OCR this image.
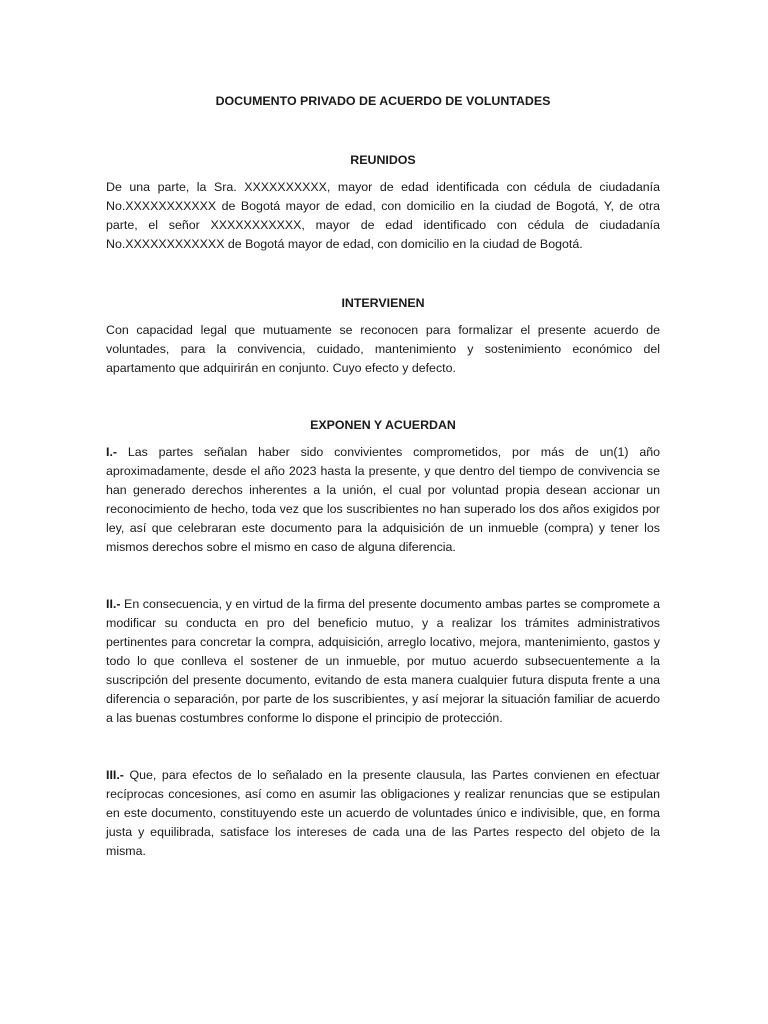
DOCUMENTO PRIVADO DE ACUERDO DE VOLUNTADES

REUNIDOS

De una parte, la Sra. XXXXXXXXXX, mayor de edad identificada con cédula de ciudadanía No.XXXXXXXXXXX de Bogotá mayor de edad, con domicilio en la ciudad de Bogotá, Y, de otra parte, el señor XXXXXXXXXXX, mayor de edad identificado con cédula de ciudadanía No.XXXXXXXXXXXX de Bogotá mayor de edad, con domicilio en la ciudad de Bogotá.

INTERVIENEN

Con capacidad legal que mutuamente se reconocen para formalizar el presente acuerdo de voluntades, para la convivencia, cuidado, mantenimiento y sostenimiento económico del apartamento que adquirirán en conjunto. Cuyo efecto y defecto.

EXPONEN Y ACUERDAN

I.- Las partes señalan haber sido convivientes comprometidos, por más de un(1) año aproximadamente, desde el año 2023 hasta la presente, y que dentro del tiempo de convivencia se han generado derechos inherentes a la unión, el cual por voluntad propia desean accionar un reconocimiento de hecho, toda vez que los suscribientes no han superado los dos años exigidos por ley, así que celebraran este documento para la adquisición de un inmueble (compra) y tener los mismos derechos sobre el mismo en caso de alguna diferencia.

II.- En consecuencia, y en virtud de la firma del presente documento ambas partes se compromete a modificar su conducta en pro del beneficio mutuo, y a realizar los trámites administrativos pertinentes para concretar la compra, adquisición, arreglo locativo, mejora, mantenimiento, gastos y todo lo que conlleva el sostener de un inmueble, por mutuo acuerdo subsecuentemente a la suscripción del presente documento, evitando de esta manera cualquier futura disputa frente a una diferencia o separación, por parte de los suscribientes, y así mejorar la situación familiar de acuerdo a las buenas costumbres conforme lo dispone el principio de protección.

III.- Que, para efectos de lo señalado en la presente clausula, las Partes convienen en efectuar recíprocas concesiones, así como en asumir las obligaciones y realizar renuncias que se estipulan en este documento, constituyendo este un acuerdo de voluntades único e indivisible, que, en forma justa y equilibrada, satisface los intereses de cada una de las Partes respecto del objeto de la misma.
